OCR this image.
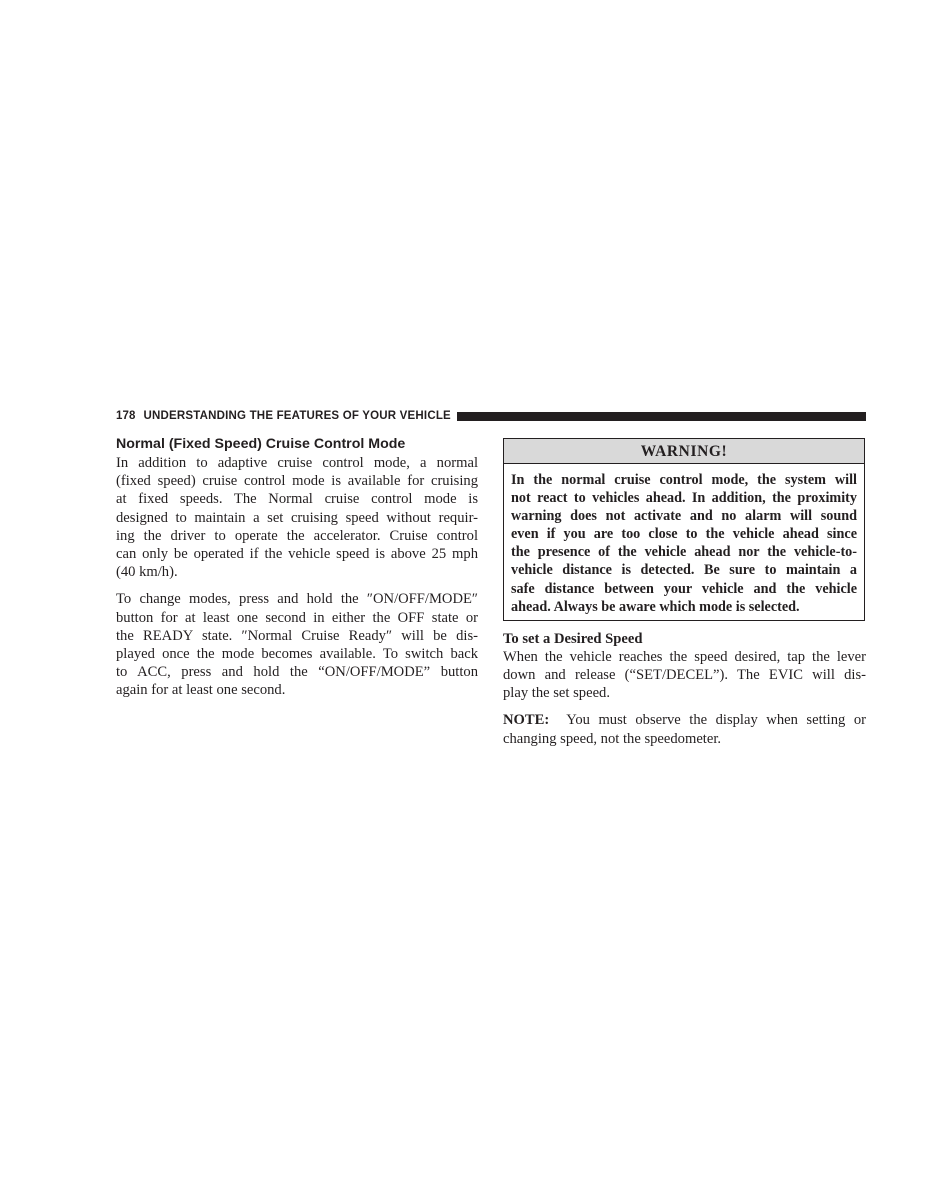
178 UNDERSTANDING THE FEATURES OF YOUR VEHICLE
Normal (Fixed Speed) Cruise Control Mode
In addition to adaptive cruise control mode, a normal
(fixed speed) cruise control mode is available for cruising
at fixed speeds. The Normal cruise control mode is
designed to maintain a set cruising speed without requir-
ing the driver to operate the accelerator. Cruise control
can only be operated if the vehicle speed is above 25 mph
(40 km/h).
To change modes, press and hold the ″ON/OFF/MODE″
button for at least one second in either the OFF state or
the READY state. ″Normal Cruise Ready″ will be dis-
played once the mode becomes available. To switch back
to ACC, press and hold the “ON/OFF/MODE” button
again for at least one second.
WARNING!
In the normal cruise control mode, the system will
not react to vehicles ahead. In addition, the proximity
warning does not activate and no alarm will sound
even if you are too close to the vehicle ahead since
the presence of the vehicle ahead nor the vehicle-to-
vehicle distance is detected. Be sure to maintain a
safe distance between your vehicle and the vehicle
ahead. Always be aware which mode is selected.
To set a Desired Speed
When the vehicle reaches the speed desired, tap the lever
down and release (“SET/DECEL”). The EVIC will dis-
play the set speed.
NOTE: You must observe the display when setting or
changing speed, not the speedometer.
